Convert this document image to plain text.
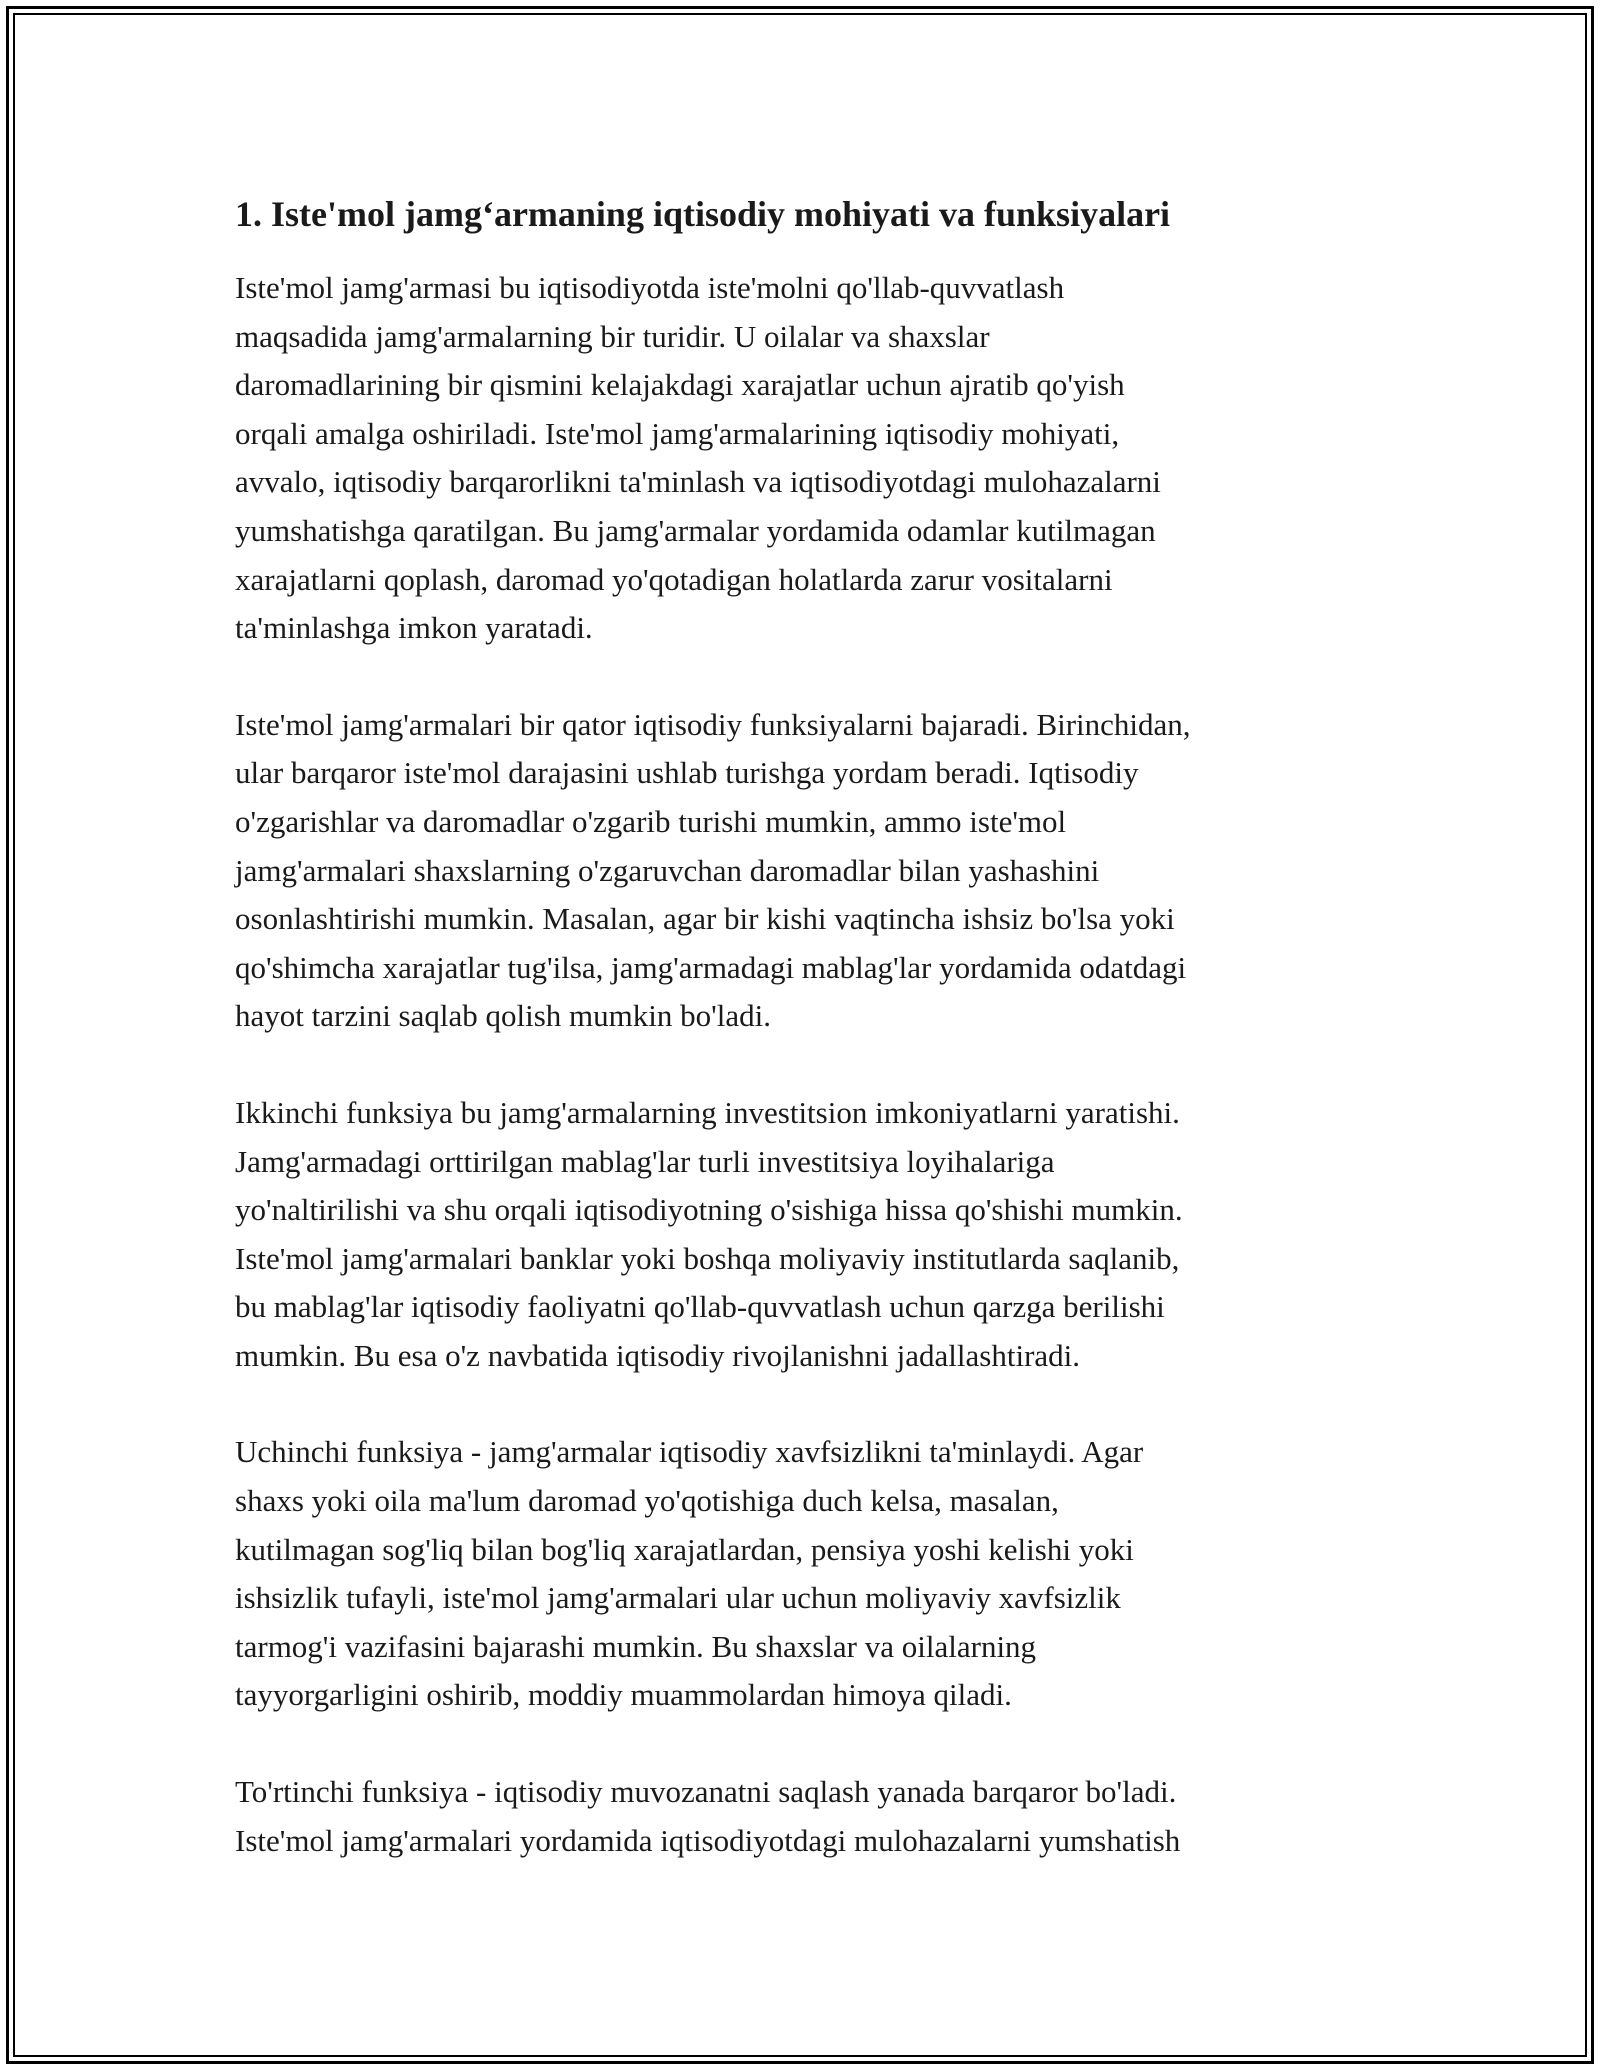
1. Iste'mol jamg‘armaning iqtisodiy mohiyati va funksiyalari

Iste'mol jamg'armasi bu iqtisodiyotda iste'molni qo'llab-quvvatlash
maqsadida jamg'armalarning bir turidir. U oilalar va shaxslar
daromadlarining bir qismini kelajakdagi xarajatlar uchun ajratib qo'yish
orqali amalga oshiriladi. Iste'mol jamg'armalarining iqtisodiy mohiyati,
avvalo, iqtisodiy barqarorlikni ta'minlash va iqtisodiyotdagi mulohazalarni
yumshatishga qaratilgan. Bu jamg'armalar yordamida odamlar kutilmagan
xarajatlarni qoplash, daromad yo'qotadigan holatlarda zarur vositalarni
ta'minlashga imkon yaratadi.

Iste'mol jamg'armalari bir qator iqtisodiy funksiyalarni bajaradi. Birinchidan,
ular barqaror iste'mol darajasini ushlab turishga yordam beradi. Iqtisodiy
o'zgarishlar va daromadlar o'zgarib turishi mumkin, ammo iste'mol
jamg'armalari shaxslarning o'zgaruvchan daromadlar bilan yashashini
osonlashtirishi mumkin. Masalan, agar bir kishi vaqtincha ishsiz bo'lsa yoki
qo'shimcha xarajatlar tug'ilsa, jamg'armadagi mablag'lar yordamida odatdagi
hayot tarzini saqlab qolish mumkin bo'ladi.

Ikkinchi funksiya bu jamg'armalarning investitsion imkoniyatlarni yaratishi.
Jamg'armadagi orttirilgan mablag'lar turli investitsiya loyihalariga
yo'naltirilishi va shu orqali iqtisodiyotning o'sishiga hissa qo'shishi mumkin.
Iste'mol jamg'armalari banklar yoki boshqa moliyaviy institutlarda saqlanib,
bu mablag'lar iqtisodiy faoliyatni qo'llab-quvvatlash uchun qarzga berilishi
mumkin. Bu esa o'z navbatida iqtisodiy rivojlanishni jadallashtiradi.

Uchinchi funksiya - jamg'armalar iqtisodiy xavfsizlikni ta'minlaydi. Agar
shaxs yoki oila ma'lum daromad yo'qotishiga duch kelsa, masalan,
kutilmagan sog'liq bilan bog'liq xarajatlardan, pensiya yoshi kelishi yoki
ishsizlik tufayli, iste'mol jamg'armalari ular uchun moliyaviy xavfsizlik
tarmog'i vazifasini bajarashi mumkin. Bu shaxslar va oilalarning
tayyorgarligini oshirib, moddiy muammolardan himoya qiladi.

To'rtinchi funksiya - iqtisodiy muvozanatni saqlash yanada barqaror bo'ladi.
Iste'mol jamg'armalari yordamida iqtisodiyotdagi mulohazalarni yumshatish
